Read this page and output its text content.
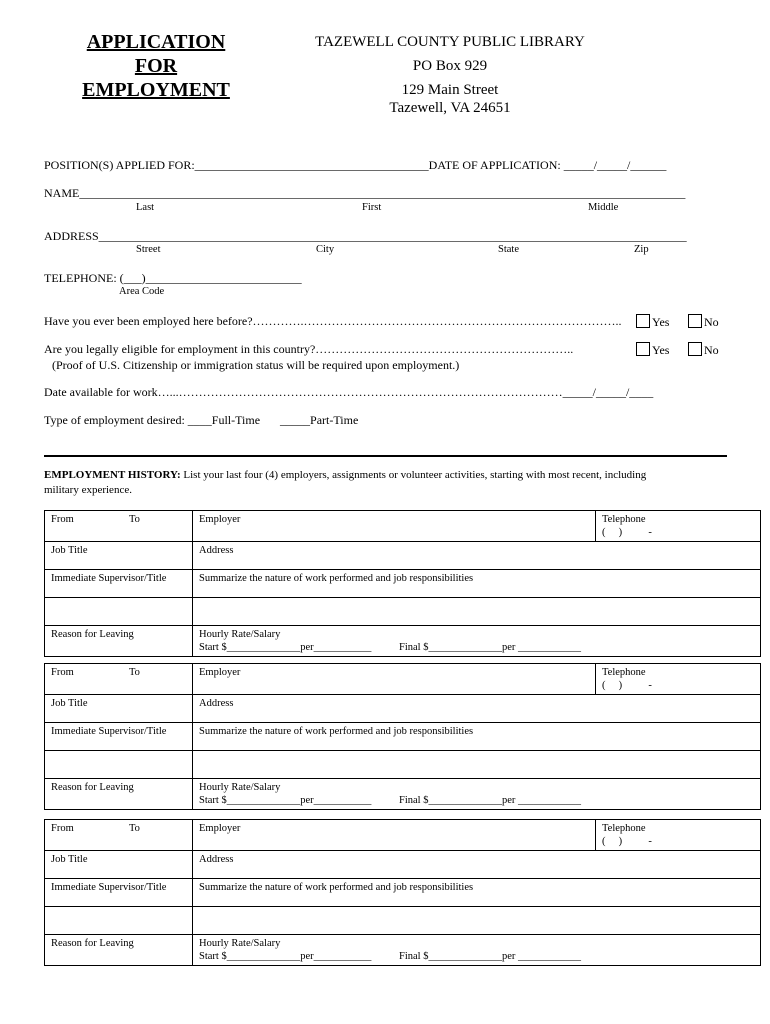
APPLICATION
FOR
EMPLOYMENT
TAZEWELL COUNTY PUBLIC LIBRARY
PO Box 929
129 Main Street
Tazewell, VA 24651
POSITION(S) APPLIED FOR:_______________________________________DATE OF APPLICATION: _____/_____/______
NAME_____________________________________________________________________________________________________
Last	First	Middle
ADDRESS__________________________________________________________________________________________________
Street	City	State	Zip
TELEPHONE: (___)__________________________
Area Code
Have you ever been employed here before?………….……………………………………………………………………..	Yes	No
Are you legally eligible for employment in this country?………………………………………………………..	Yes	No
(Proof of U.S. Citizenship or immigration status will be required upon employment.)
Date available for work…...……………………………………………………………………………………_____/_____/____
Type of employment desired: ____Full-Time _____Part-Time
EMPLOYMENT HISTORY: List your last four (4) employers, assignments or volunteer activities, starting with most recent, including
military experience.
From To	Employer	Telephone
(     )          -

Job Title	Address	
Immediate Supervisor/Title	Summarize the nature of work performed and job responsibilities	

Reason for Leaving	Hourly Rate/Salary
Start $______________per___________ Final $______________per ____________	
From To	Employer	Telephone
(     )          -

Job Title	Address	
Immediate Supervisor/Title	Summarize the nature of work performed and job responsibilities	

Reason for Leaving	Hourly Rate/Salary
Start $______________per___________ Final $______________per ____________	
From To	Employer	Telephone
(     )          -

Job Title	Address	
Immediate Supervisor/Title	Summarize the nature of work performed and job responsibilities	

Reason for Leaving	Hourly Rate/Salary
Start $______________per___________ Final $______________per ____________	
